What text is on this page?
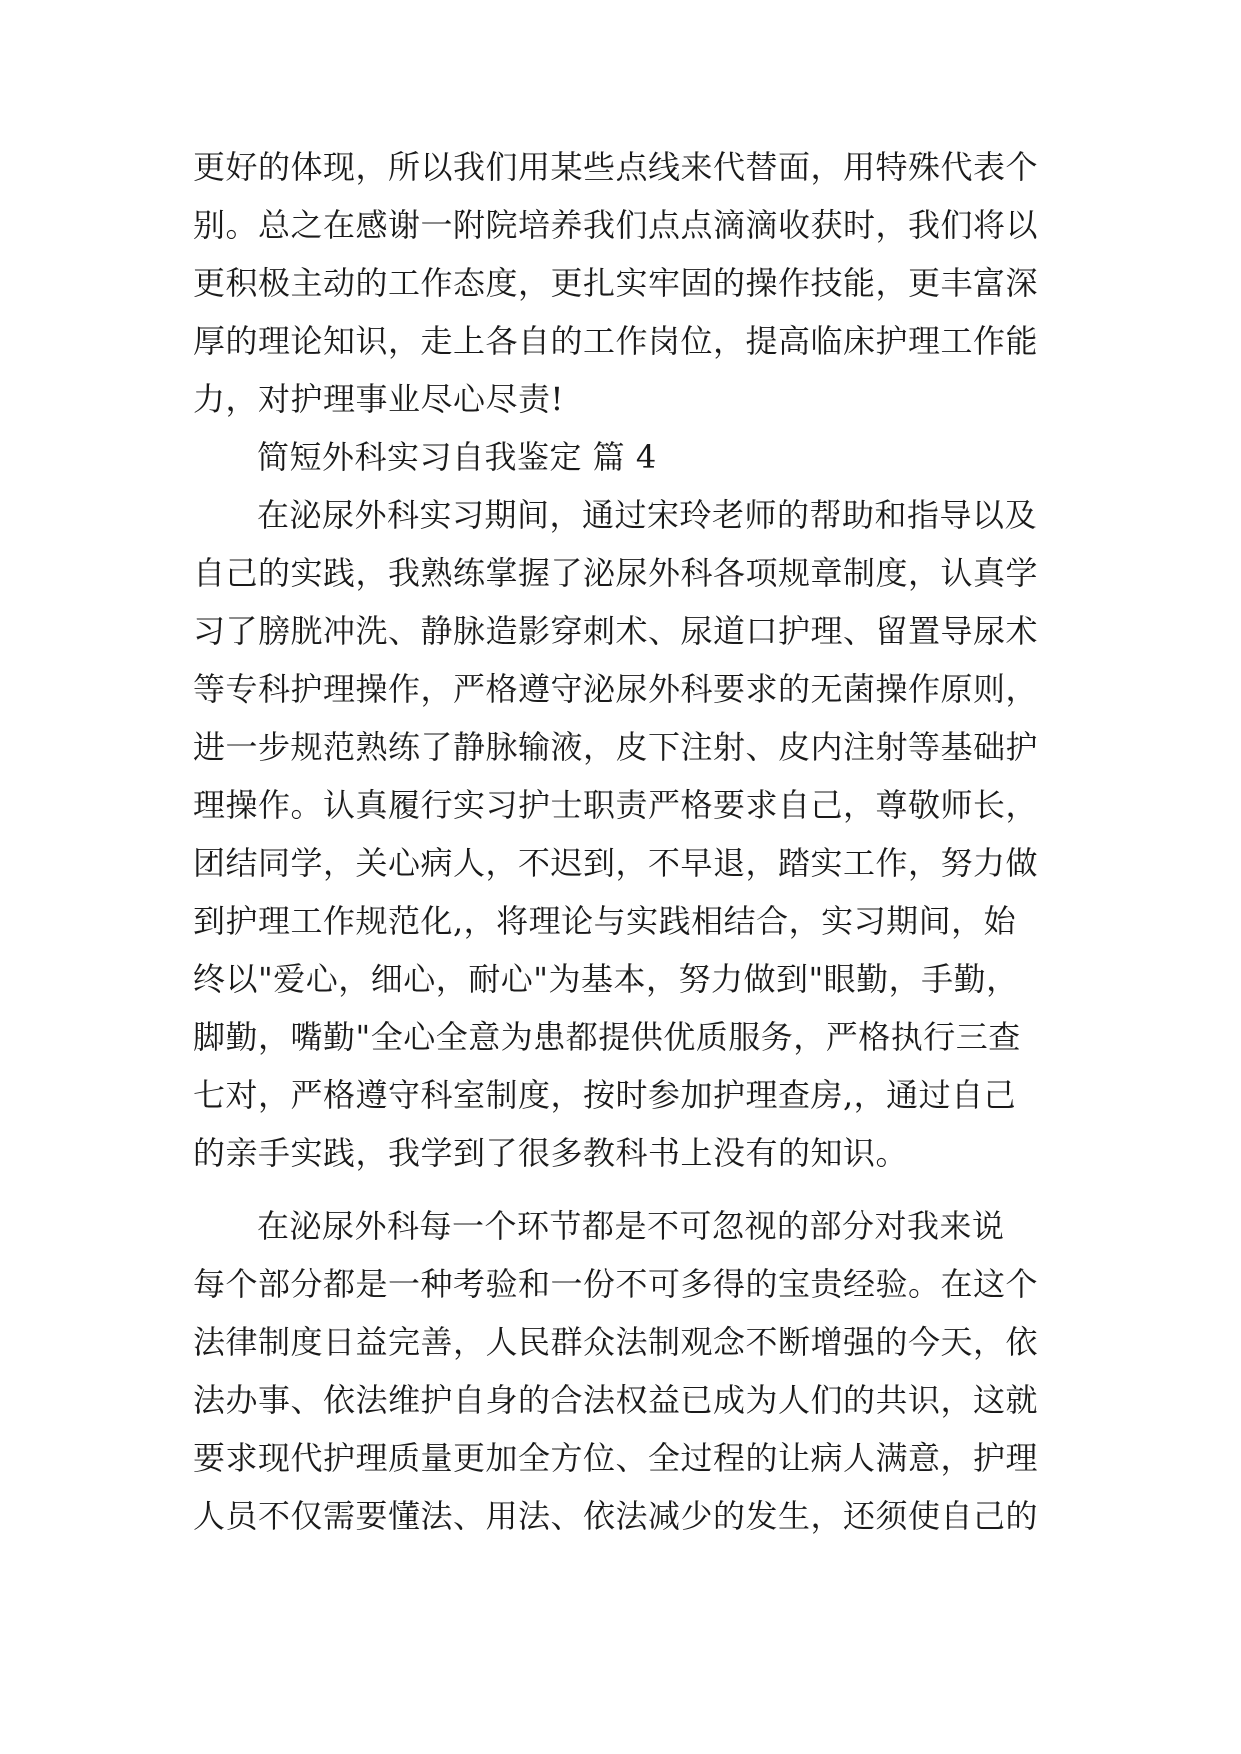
更好的体现，所以我们用某些点线来代替面，用特殊代表个
别。总之在感谢一附院培养我们点点滴滴收获时，我们将以
更积极主动的工作态度，更扎实牢固的操作技能，更丰富深
厚的理论知识，走上各自的工作岗位，提高临床护理工作能
力，对护理事业尽心尽责!
简短外科实习自我鉴定 篇 4
在泌尿外科实习期间，通过宋玲老师的帮助和指导以及
自己的实践，我熟练掌握了泌尿外科各项规章制度，认真学
习了膀胱冲洗、静脉造影穿刺术、尿道口护理、留置导尿术
等专科护理操作，严格遵守泌尿外科要求的无菌操作原则，
进一步规范熟练了静脉输液，皮下注射、皮内注射等基础护
理操作。认真履行实习护士职责严格要求自己，尊敬师长，
团结同学，关心病人，不迟到，不早退，踏实工作，努力做
到护理工作规范化,，将理论与实践相结合，实习期间，始
终以"爱心，细心，耐心"为基本，努力做到"眼勤，手勤，
脚勤，嘴勤"全心全意为患都提供优质服务，严格执行三查
七对，严格遵守科室制度，按时参加护理查房,，通过自己
的亲手实践，我学到了很多教科书上没有的知识。
在泌尿外科每一个环节都是不可忽视的部分对我来说
每个部分都是一种考验和一份不可多得的宝贵经验。在这个
法律制度日益完善，人民群众法制观念不断增强的今天，依
法办事、依法维护自身的合法权益已成为人们的共识，这就
要求现代护理质量更加全方位、全过程的让病人满意，护理
人员不仅需要懂法、用法、依法减少的发生，还须使自己的
